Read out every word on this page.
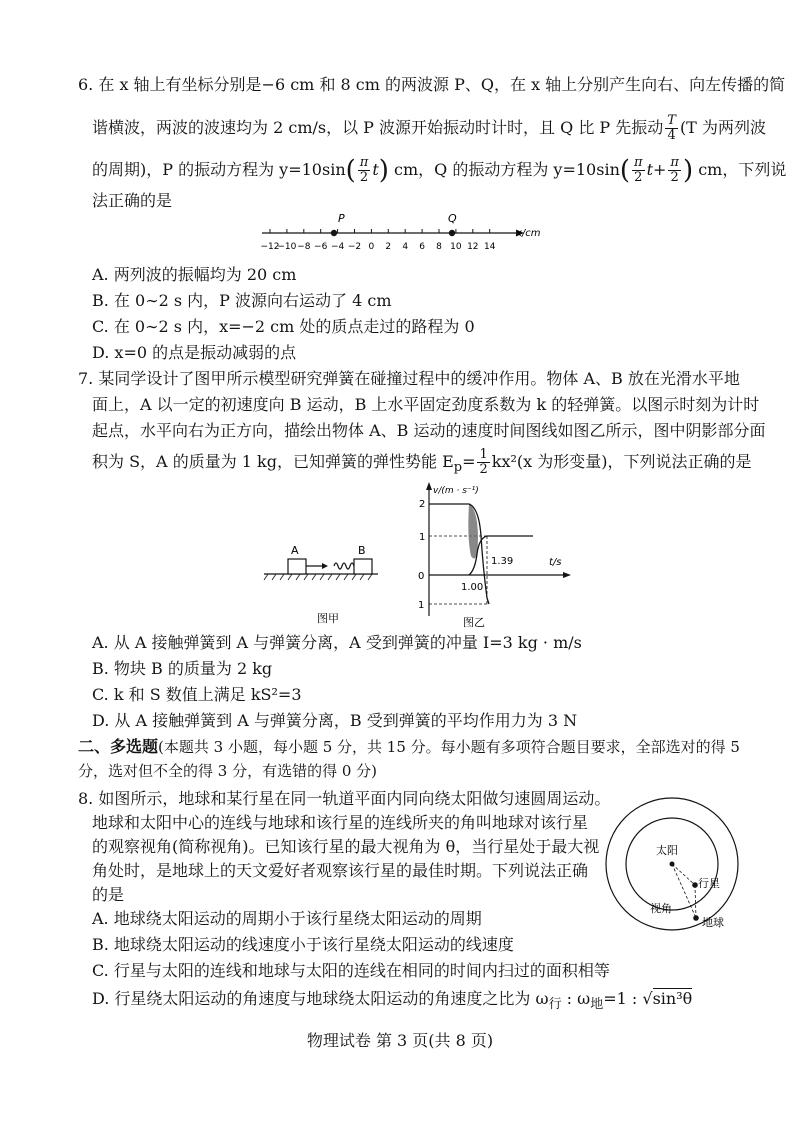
6. 在 x 轴上有坐标分别是−6 cm 和 8 cm 的两波源 P、Q，在 x 轴上分别产生向右、向左传播的简
谐横波，两波的波速均为 2 cm/s，以 P 波源开始振动时计时，且 Q 比 P 先振动 $\frac{T}{4} (T$ 为两列波
的周期)，P 的振动方程为 $y=10\sin( \frac{\pi}{2} t)$ cm，Q 的振动方程为 $y=10\sin( \frac{\pi}{2} t+ \frac{\pi}{2}$ ) cm，下列说
法正确的是
−12
−10 −8 −6 −4 −2 0 2 4 6 8 10 12 14
P	Q
x/cm
A. 两列波的振幅均为 20 cm
B. 在 0∼2 s 内，P 波源向右运动了 4 cm
C. 在 0∼2 s 内，x=−2 cm 处的质点走过的路程为 0
D. x=0 的点是振动减弱的点
7. 某同学设计了图甲所示模型研究弹簧在碰撞过程中的缓冲作用。物体 A、B 放在光滑水平地
面上，A 以一定的初速度向 B 运动，B 上水平固定劲度系数为 k 的轻弹簧。以图示时刻为计时
起点，水平向右为正方向，描绘出物体 A、B 运动的速度时间图线如图乙所示，图中阴影部分面
积为 S，A 的质量为 1 kg，已知弹簧的弹性势能 $E_p= \frac{1}{2} kx^2(x$ 为形变量)，下列说法正确的是
A	B
图甲
v/(m · s⁻¹)
t/s
2
1
0
1
1.00
1.39
图乙
A. 从 A 接触弹簧到 A 与弹簧分离，A 受到弹簧的冲量 I=3 kg · m/s
B. 物块 B 的质量为 2 kg
C. k 和 S 数值上满足 kS²=3
D. 从 A 接触弹簧到 A 与弹簧分离，B 受到弹簧的平均作用力为 3 N
二、多选题(本题共 3 小题，每小题 5 分，共 15 分。每小题有多项符合题目要求，全部选对的得 5
分，选对但不全的得 3 分，有选错的得 0 分)
8. 如图所示，地球和某行星在同一轨道平面内同向绕太阳做匀速圆周运动。
地球和太阳中心的连线与地球和该行星的连线所夹的角叫地球对该行星
的观察视角(简称视角)。已知该行星的最大视角为 θ，当行星处于最大视
角处时，是地球上的天文爱好者观察该行星的最佳时期。下列说法正确
的是
太阳
行星
地球
视角
A. 地球绕太阳运动的周期小于该行星绕太阳运动的周期
B. 地球绕太阳运动的线速度小于该行星绕太阳运动的线速度
C. 行星与太阳的连线和地球与太阳的连线在相同的时间内扫过的面积相等
D. 行星绕太阳运动的角速度与地球绕太阳运动的角速度之比为 $\omega_行$ : $\omega_地=1$ : √sin³θ
物理试卷 第 3 页(共 8 页)
